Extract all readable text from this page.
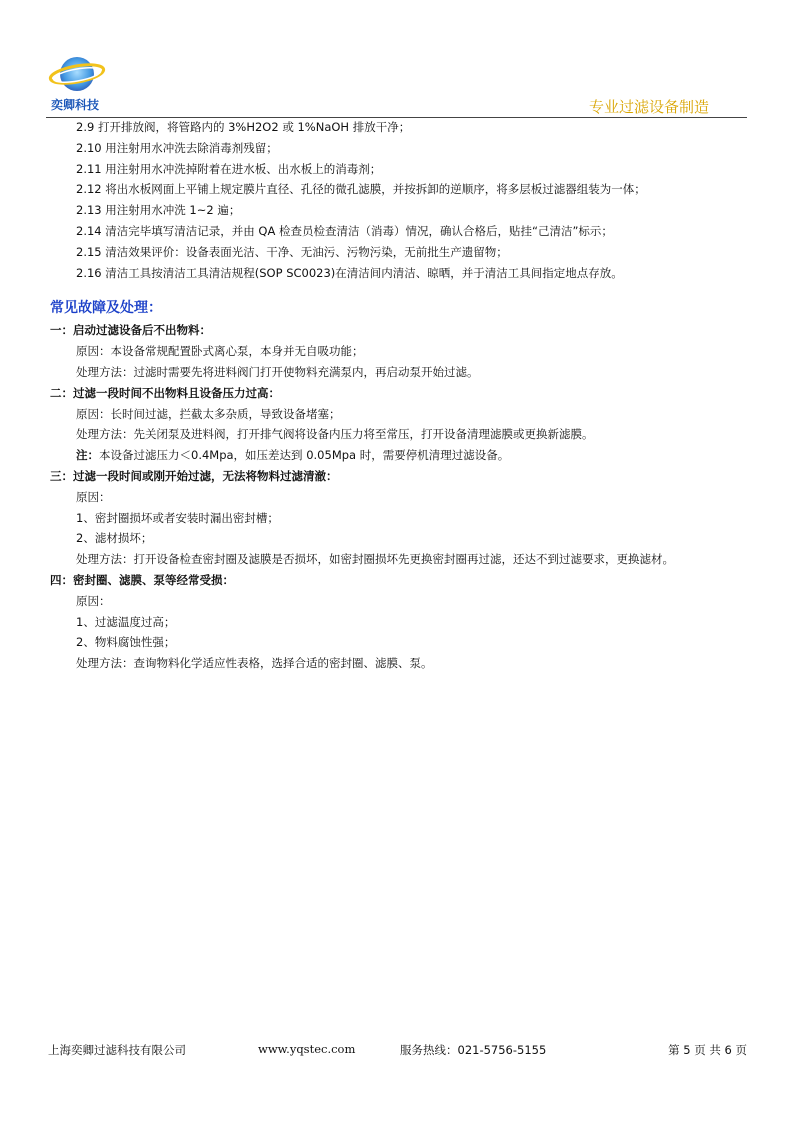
奕卿科技	专业过滤设备制造
2.9 打开排放阀，将管路内的 3%H2O2 或 1%NaOH 排放干净；
2.10 用注射用水冲洗去除消毒剂残留；
2.11 用注射用水冲洗掉附着在进水板、出水板上的消毒剂；
2.12 将出水板网面上平铺上规定膜片直径、孔径的微孔滤膜，并按拆卸的逆顺序，将多层板过滤器组装为一体；
2.13 用注射用水冲洗 1~2 遍；
2.14 清洁完毕填写清洁记录，并由 QA 检查员检查清洁（消毒）情况，确认合格后，贴挂“己清洁”标示；
2.15 清洁效果评价：设备表面光洁、干净、无油污、污物污染，无前批生产遗留物；
2.16 清洁工具按清洁工具清洁规程(SOP SC0023)在清洁间内清洁、晾晒，并于清洁工具间指定地点存放。
常见故障及处理：
一：启动过滤设备后不出物料：
原因：本设备常规配置卧式离心泵，本身并无自吸功能；
处理方法：过滤时需要先将进料阀门打开使物料充满泵内，再启动泵开始过滤。
二：过滤一段时间不出物料且设备压力过高：
原因：长时间过滤，拦截太多杂质，导致设备堵塞；
处理方法：先关闭泵及进料阀，打开排气阀将设备内压力将至常压，打开设备清理滤膜或更换新滤膜。
注：本设备过滤压力＜0.4Mpa，如压差达到 0.05Mpa 时，需要停机清理过滤设备。
三：过滤一段时间或刚开始过滤，无法将物料过滤清澈：
原因：
1、密封圈损坏或者安装时漏出密封槽；
2、滤材损坏；
处理方法：打开设备检查密封圈及滤膜是否损坏，如密封圈损坏先更换密封圈再过滤，还达不到过滤要求，更换滤材。
四：密封圈、滤膜、泵等经常受损：
原因：
1、过滤温度过高；
2、物料腐蚀性强；
处理方法：查询物料化学适应性表格，选择合适的密封圈、滤膜、泵。
上海奕卿过滤科技有限公司	www.yqstec.com	服务热线：021-5756-5155	第 5 页 共 6 页
